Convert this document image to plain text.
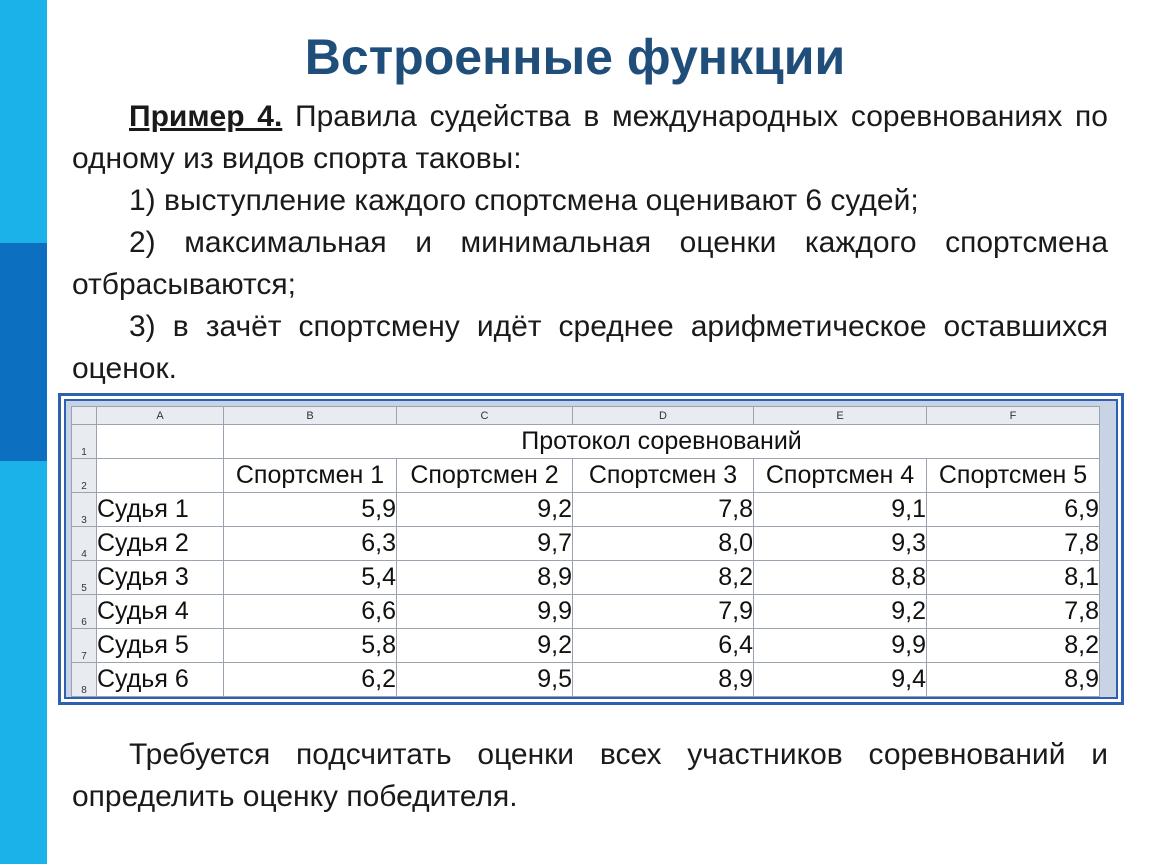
Встроенные функции
Пример 4. Правила судейства в международных соревнованиях по одному из видов спорта таковы:
1) выступление каждого спортсмена оценивают 6 судей;
2) максимальная и минимальная оценки каждого спортсмена отбрасываются;
3) в зачёт спортсмену идёт среднее арифметическое оставшихся оценок.
	A	B	C	D	E	F
1		Протокол соревнований				
2		Спортсмен 1	Спортсмен 2	Спортсмен 3	Спортсмен 4	Спортсмен 5
3	Судья 1	5,9	9,2	7,8	9,1	6,9
4	Судья 2	6,3	9,7	8,0	9,3	7,8
5	Судья 3	5,4	8,9	8,2	8,8	8,1
6	Судья 4	6,6	9,9	7,9	9,2	7,8
7	Судья 5	5,8	9,2	6,4	9,9	8,2
8	Судья 6	6,2	9,5	8,9	9,4	8,9
Требуется подсчитать оценки всех участников соревнований и определить оценку победителя.
